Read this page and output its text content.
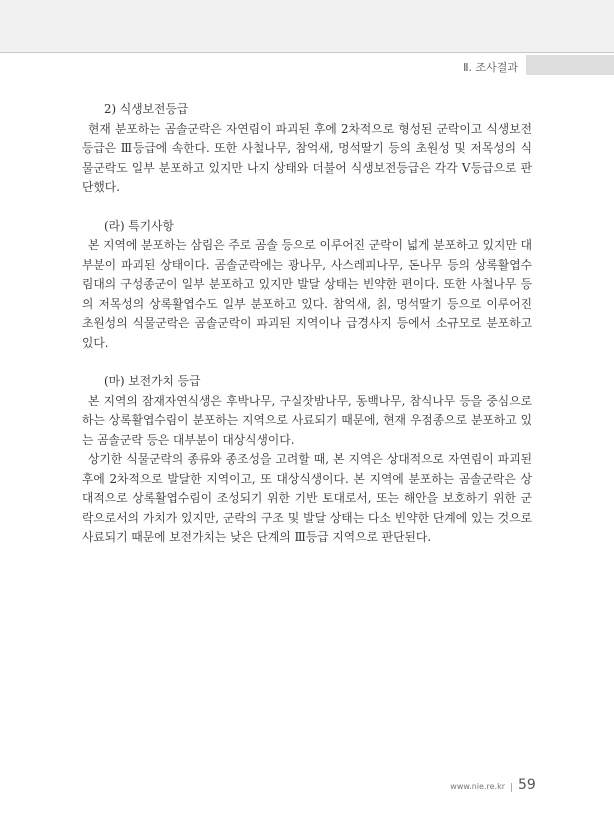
Ⅱ. 조사결과
2) 식생보전등급
현재 분포하는 곰솔군락은 자연림이 파괴된 후에 2차적으로 형성된 군락이고 식생보전등급은 Ⅲ등급에 속한다. 또한 사철나무, 참억새, 멍석딸기 등의 초원성 및 저목성의 식물군락도 일부 분포하고 있지만 나지 상태와 더불어 식생보전등급은 각각 Ⅴ등급으로 판단했다.
(라) 특기사항
본 지역에 분포하는 삼림은 주로 곰솔 등으로 이루어진 군락이 넓게 분포하고 있지만 대부분이 파괴된 상태이다. 곰솔군락에는 광나무, 사스레피나무, 돈나무 등의 상록활엽수림대의 구성종군이 일부 분포하고 있지만 발달 상태는 빈약한 편이다. 또한 사철나무 등의 저목성의 상록활엽수도 일부 분포하고 있다. 참억새, 칡, 멍석딸기 등으로 이루어진 초원성의 식물군락은 곰솔군락이 파괴된 지역이나 급경사지 등에서 소규모로 분포하고 있다.
(마) 보전가치 등급
본 지역의 잠재자연식생은 후박나무, 구실잣밤나무, 동백나무, 참식나무 등을 중심으로 하는 상록활엽수림이 분포하는 지역으로 사료되기 때문에, 현재 우점종으로 분포하고 있는 곰솔군락 등은 대부분이 대상식생이다.
상기한 식물군락의 종류와 종조성을 고려할 때, 본 지역은 상대적으로 자연림이 파괴된 후에 2차적으로 발달한 지역이고, 또 대상식생이다. 본 지역에 분포하는 곰솔군락은 상대적으로 상록활엽수림이 조성되기 위한 기반 토대로서, 또는 해안을 보호하기 위한 군락으로서의 가치가 있지만, 군락의 구조 및 발달 상태는 다소 빈약한 단계에 있는 것으로 사료되기 때문에 보전가치는 낮은 단계의 Ⅲ등급 지역으로 판단된다.
www.nie.re.kr 59
